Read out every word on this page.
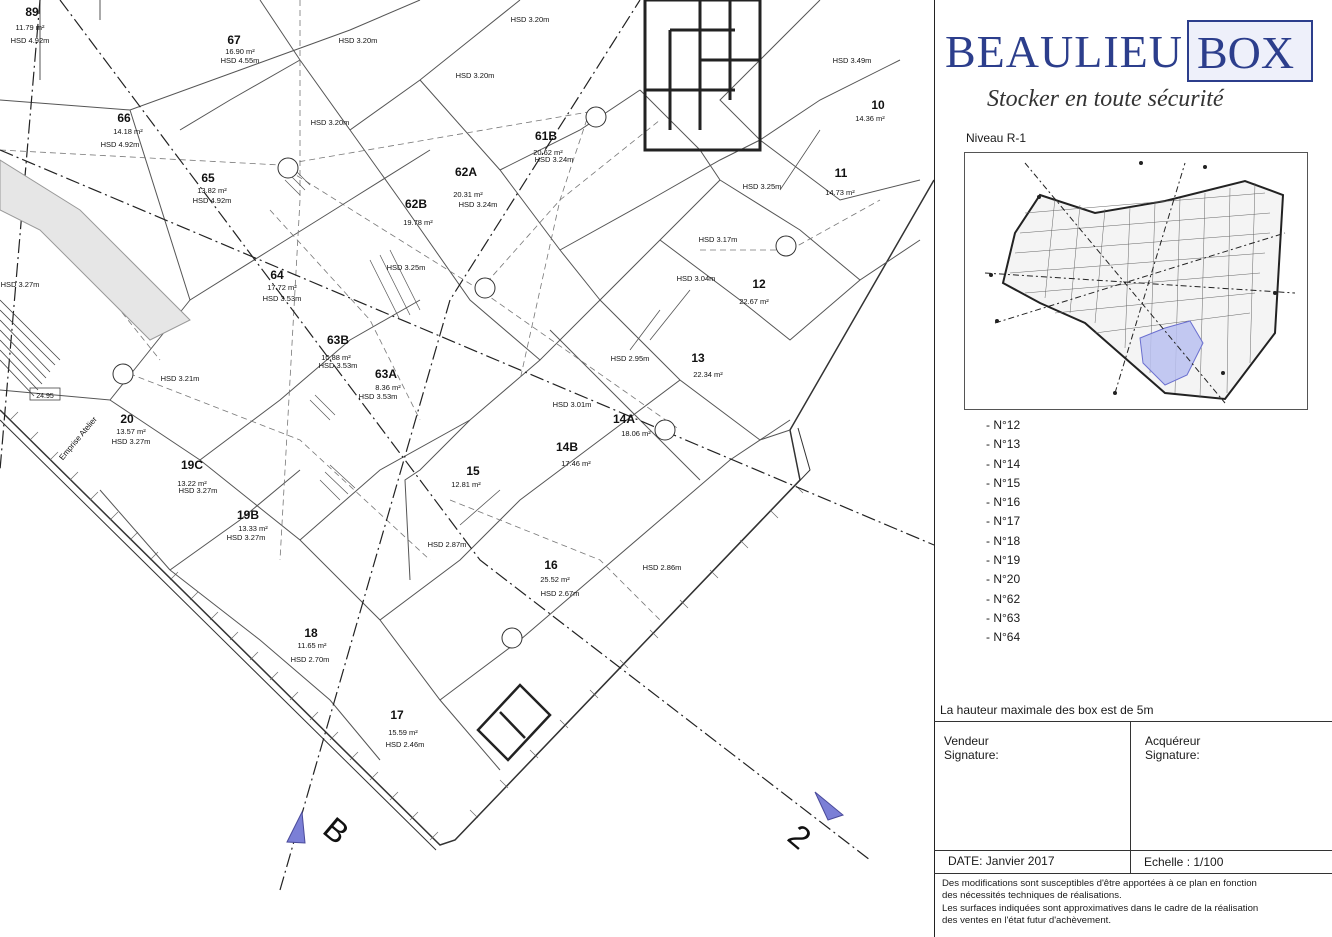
B	2
89
11.79 m²
HSD 4.92m	67
16.90 m²
HSD 4.55m
66
14.18 m²
HSD 4.92m
65
13.82 m²
HSD 4.92m
62A
20.31 m²
HSD 3.24m
61B
20.62 m²
HSD 3.24m
62B
19.78 m²
64
17.72 m²
HSD 3.53m
63B
10.88 m²
HSD 3.53m
63A
8.36 m²
HSD 3.53m
10
14.36 m²
11
14.73 m²
12
22.67 m²
13
22.34 m²
14A
18.06 m²
14B
17.46 m²
15
12.81 m²
16
25.52 m²
HSD 2.67m
17
15.59 m²
HSD 2.46m
18
11.65 m²
HSD 2.70m
19B
13.33 m²
HSD 3.27m
19C
13.22 m²
HSD 3.27m
20
13.57 m²
HSD 3.27m
HSD 3.20m
HSD 3.20m
HSD 3.20m
HSD 3.20m
HSD 3.49m
HSD 3.25m
HSD 3.17m
HSD 3.04m
HSD 2.95m
HSD 3.01m
HSD 3.21m
HSD 2.87m
HSD 2.86m
HSD 3.25m
HSD 3.27m
Emprise Atelier
24.95
BEAULIEU BOX
Stocker en toute sécurité
Niveau R-1
- N°12
- N°13
- N°14
- N°15
- N°16
- N°17
- N°18
- N°19
- N°20
- N°62
- N°63
- N°64
La hauteur maximale des box est de 5m
Vendeur
Signature:
Acquéreur
Signature:
DATE: Janvier 2017	Echelle : 1/100
Des modifications sont susceptibles d'être apportées à ce plan en fonction
des nécessités techniques de réalisations.
Les surfaces indiquées sont approximatives dans le cadre de la réalisation
des ventes en l'état futur d'achèvement.
